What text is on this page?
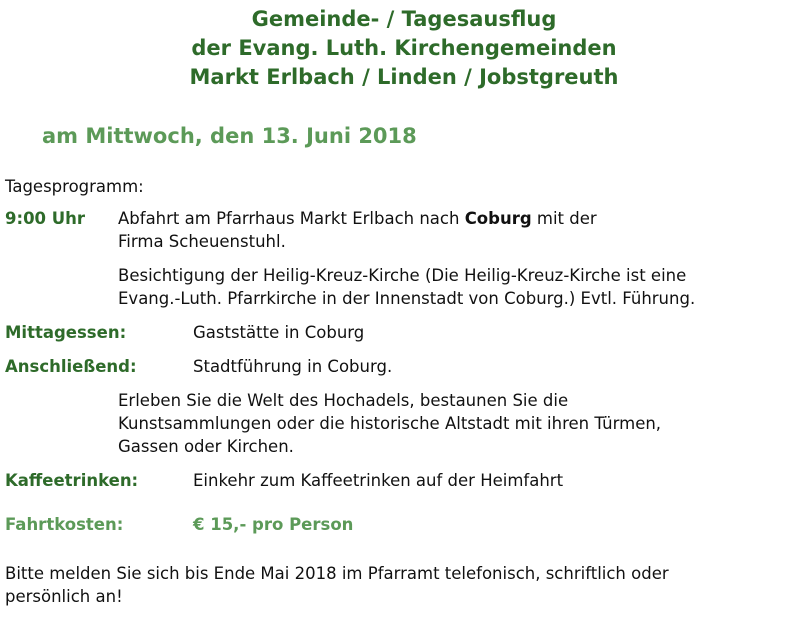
Gemeinde- / Tagesausflug
der Evang. Luth. Kirchengemeinden
Markt Erlbach / Linden / Jobstgreuth
am Mittwoch, den 13. Juni 2018
Tagesprogramm:
9:00 Uhr Abfahrt am Pfarrhaus Markt Erlbach nach Coburg mit der
Firma Scheuenstuhl.
Besichtigung der Heilig-Kreuz-Kirche (Die Heilig-Kreuz-Kirche ist eine
Evang.-Luth. Pfarrkirche in der Innenstadt von Coburg.) Evtl. Führung.
Mittagessen:	Gaststätte in Coburg
Anschließend:	Stadtführung in Coburg.
Erleben Sie die Welt des Hochadels, bestaunen Sie die
Kunstsammlungen oder die historische Altstadt mit ihren Türmen,
Gassen oder Kirchen.
Kaffeetrinken:	Einkehr zum Kaffeetrinken auf der Heimfahrt
Fahrtkosten:	€ 15,- pro Person
Bitte melden Sie sich bis Ende Mai 2018 im Pfarramt telefonisch, schriftlich oder
persönlich an!
